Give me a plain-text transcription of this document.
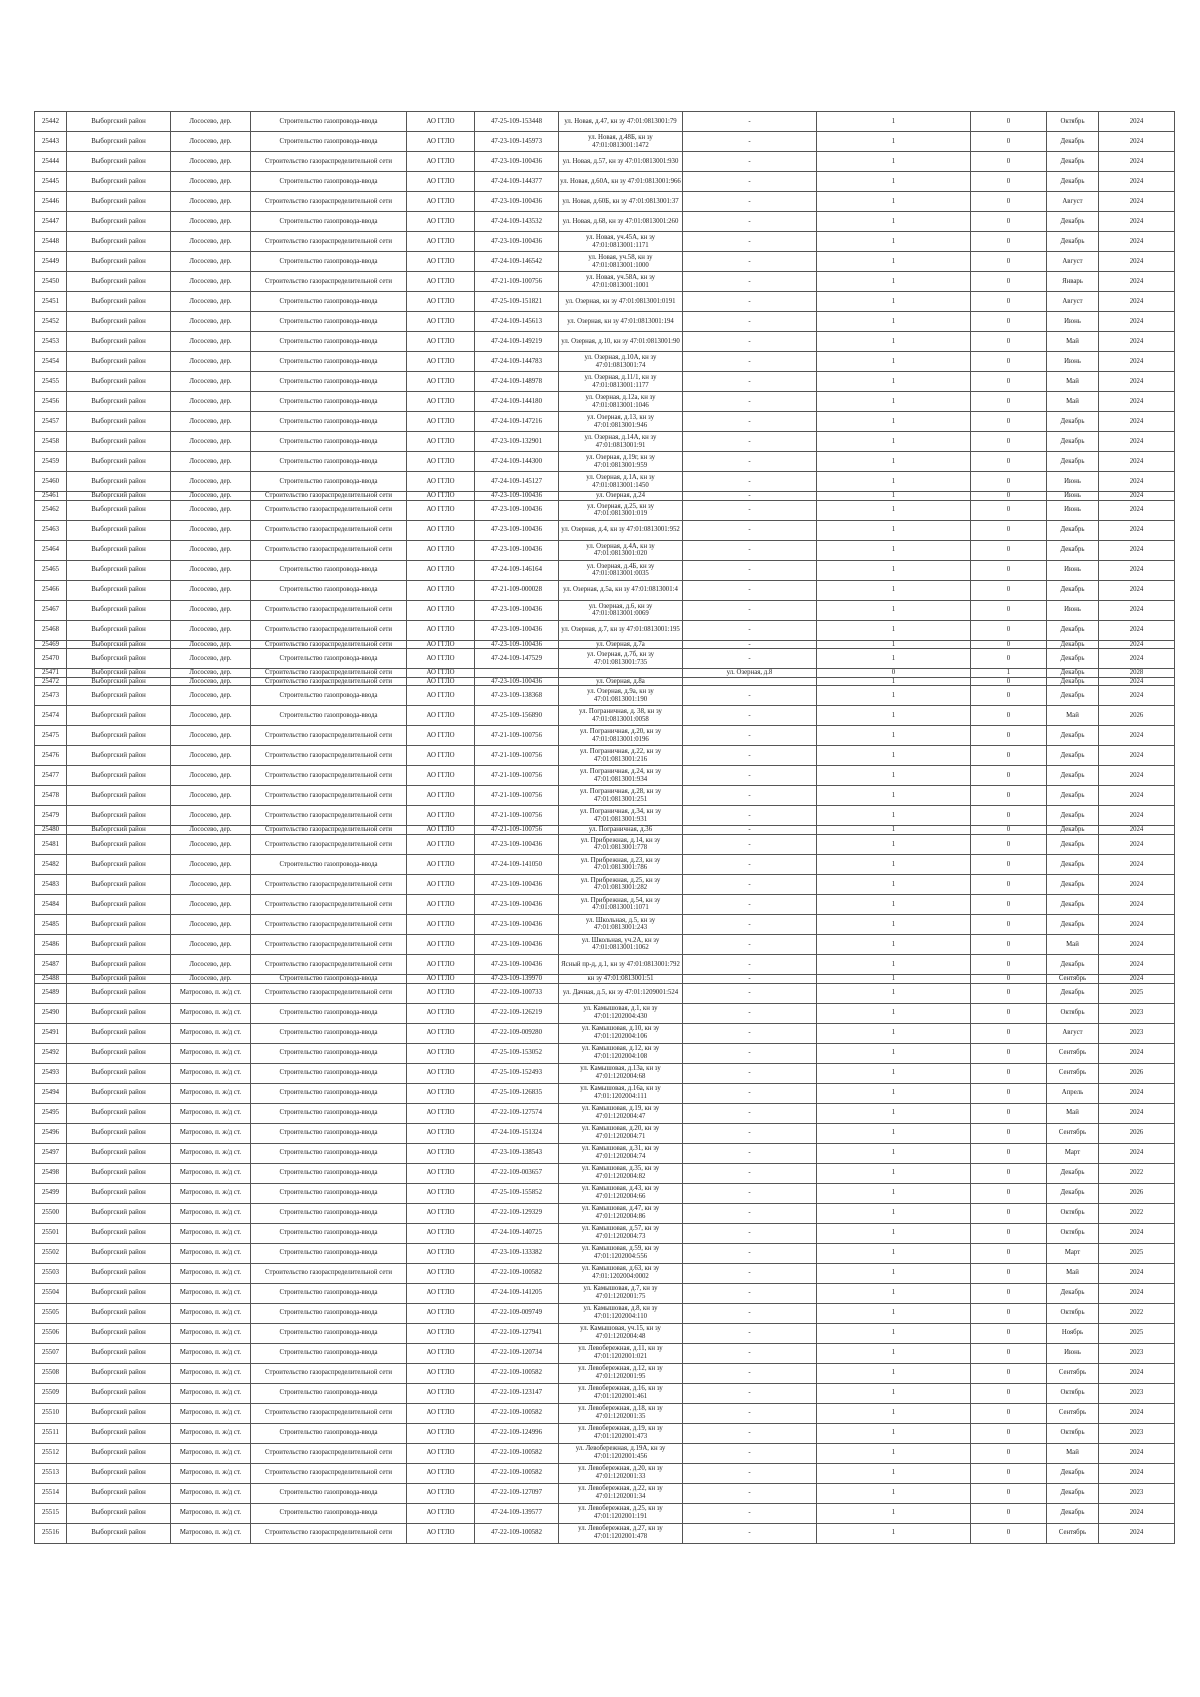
25442	Выборгский район	Лососево, дер.	Строительство газопровода-ввода	АО ГГЛО	47-25-109-153448	ул. Новая, д.47, кн зу 47:01:0813001:79	-	1	0	Октябрь	2024
25443	Выборгский район	Лососево, дер.	Строительство газопровода-ввода	АО ГГЛО	47-23-109-145973	ул. Новая, д.48Б, кн зу 47:01:0813001:1472	-	1	0	Декабрь	2024
25444	Выборгский район	Лососево, дер.	Строительство газораспределительной сети	АО ГГЛО	47-23-109-100436	ул. Новая, д.57, кн зу 47:01:0813001:930	-	1	0	Декабрь	2024
25445	Выборгский район	Лососево, дер.	Строительство газопровода-ввода	АО ГГЛО	47-24-109-144377	ул. Новая, д.60А, кн зу 47:01:0813001:966	-	1	0	Декабрь	2024
25446	Выборгский район	Лососево, дер.	Строительство газораспределительной сети	АО ГГЛО	47-23-109-100436	ул. Новая, д.60Б, кн зу 47:01:0813001:37	-	1	0	Август	2024
25447	Выборгский район	Лососево, дер.	Строительство газопровода-ввода	АО ГГЛО	47-24-109-143532	ул. Новая, д.68, кн зу 47:01:0813001:260	-	1	0	Декабрь	2024
25448	Выборгский район	Лососево, дер.	Строительство газораспределительной сети	АО ГГЛО	47-23-109-100436	ул. Новая, уч.45А, кн зу 47:01:0813001:1171	-	1	0	Декабрь	2024
25449	Выборгский район	Лососево, дер.	Строительство газопровода-ввода	АО ГГЛО	47-24-109-146542	ул. Новая, уч.58, кн зу 47:01:0813001:1000	-	1	0	Август	2024
25450	Выборгский район	Лососево, дер.	Строительство газораспределительной сети	АО ГГЛО	47-21-109-100756	ул. Новая, уч.58А, кн зу 47:01:0813001:1001	-	1	0	Январь	2024
25451	Выборгский район	Лососево, дер.	Строительство газопровода-ввода	АО ГГЛО	47-25-109-151821	ул. Озерная, кн зу 47:01:0813001:0191	-	1	0	Август	2024
25452	Выборгский район	Лососево, дер.	Строительство газопровода-ввода	АО ГГЛО	47-24-109-145613	ул. Озерная, кн зу 47:01:0813001:194	-	1	0	Июнь	2024
25453	Выборгский район	Лососево, дер.	Строительство газопровода-ввода	АО ГГЛО	47-24-109-149219	ул. Озерная, д.10, кн зу 47:01:0813001:90	-	1	0	Май	2024
25454	Выборгский район	Лососево, дер.	Строительство газопровода-ввода	АО ГГЛО	47-24-109-144783	ул. Озерная, д.10А, кн зу 47:01:0813001:74	-	1	0	Июнь	2024
25455	Выборгский район	Лососево, дер.	Строительство газопровода-ввода	АО ГГЛО	47-24-109-148978	ул. Озерная, д.11/1, кн зу 47:01:0813001:1177	-	1	0	Май	2024
25456	Выборгский район	Лососево, дер.	Строительство газопровода-ввода	АО ГГЛО	47-24-109-144180	ул. Озерная, д.12а, кн зу 47:01:0813001:1046	-	1	0	Май	2024
25457	Выборгский район	Лососево, дер.	Строительство газопровода-ввода	АО ГГЛО	47-24-109-147216	ул. Озерная, д.13, кн зу 47:01:0813001:946	-	1	0	Декабрь	2024
25458	Выборгский район	Лососево, дер.	Строительство газопровода-ввода	АО ГГЛО	47-23-109-132901	ул. Озерная, д.14А, кн зу 47:01:0813001:91	-	1	0	Декабрь	2024
25459	Выборгский район	Лососево, дер.	Строительство газопровода-ввода	АО ГГЛО	47-24-109-144300	ул. Озерная, д.19г, кн зу 47:01:0813001:959	-	1	0	Декабрь	2024
25460	Выборгский район	Лососево, дер.	Строительство газопровода-ввода	АО ГГЛО	47-24-109-145127	ул. Озерная, д.1А, кн зу 47:01:0813001:1450	-	1	0	Июнь	2024
25461	Выборгский район	Лососево, дер.	Строительство газораспределительной сети	АО ГГЛО	47-23-109-100436	ул. Озерная, д.24	-	1	0	Июнь	2024
25462	Выборгский район	Лососево, дер.	Строительство газораспределительной сети	АО ГГЛО	47-23-109-100436	ул. Озерная, д.25, кн зу 47:01:0813001:019	-	1	0	Июнь	2024
25463	Выборгский район	Лососево, дер.	Строительство газораспределительной сети	АО ГГЛО	47-23-109-100436	ул. Озерная, д.4, кн зу 47:01:0813001:952	-	1	0	Декабрь	2024
25464	Выборгский район	Лососево, дер.	Строительство газораспределительной сети	АО ГГЛО	47-23-109-100436	ул. Озерная, д.4А, кн зу 47:01:0813001:020	-	1	0	Декабрь	2024
25465	Выборгский район	Лососево, дер.	Строительство газопровода-ввода	АО ГГЛО	47-24-109-146164	ул. Озерная, д.4Б, кн зу 47:01:0813001:0035	-	1	0	Июнь	2024
25466	Выборгский район	Лососево, дер.	Строительство газопровода-ввода	АО ГГЛО	47-21-109-000028	ул. Озерная, д.5а, кн зу 47:01:0813001:4	-	1	0	Декабрь	2024
25467	Выборгский район	Лососево, дер.	Строительство газораспределительной сети	АО ГГЛО	47-23-109-100436	ул. Озерная, д.6, кн зу 47:01:0813001:0069	-	1	0	Июнь	2024
25468	Выборгский район	Лососево, дер.	Строительство газораспределительной сети	АО ГГЛО	47-23-109-100436	ул. Озерная, д.7, кн зу 47:01:0813001:195	-	1	0	Декабрь	2024
25469	Выборгский район	Лососево, дер.	Строительство газораспределительной сети	АО ГГЛО	47-23-109-100436	ул. Озерная, д.7а	-	1	0	Декабрь	2024
25470	Выборгский район	Лососево, дер.	Строительство газопровода-ввода	АО ГГЛО	47-24-109-147529	ул. Озерная, д.7б, кн зу 47:01:0813001:735	-	1	0	Декабрь	2024
25471	Выборгский район	Лососево, дер.	Строительство газораспределительной сети	АО ГГЛО			ул. Озерная, д.8	0	1	Декабрь	2028
25472	Выборгский район	Лососево, дер.	Строительство газораспределительной сети	АО ГГЛО	47-23-109-100436	ул. Озерная, д.8а		1	0	Декабрь	2024
25473	Выборгский район	Лососево, дер.	Строительство газопровода-ввода	АО ГГЛО	47-23-109-138368	ул. Озерная, д.9а, кн зу 47:01:0813001:190	-	1	0	Декабрь	2024
25474	Выборгский район	Лососево, дер.	Строительство газопровода-ввода	АО ГГЛО	47-25-109-156890	ул. Пограничная, д. 38, кн зу 47:01:0813001:0058	-	1	0	Май	2026
25475	Выборгский район	Лососево, дер.	Строительство газораспределительной сети	АО ГГЛО	47-21-109-100756	ул. Пограничная, д.20, кн зу 47:01:0813001:0196	-	1	0	Декабрь	2024
25476	Выборгский район	Лососево, дер.	Строительство газораспределительной сети	АО ГГЛО	47-21-109-100756	ул. Пограничная, д.22, кн зу 47:01:0813001:216	-	1	0	Декабрь	2024
25477	Выборгский район	Лососево, дер.	Строительство газораспределительной сети	АО ГГЛО	47-21-109-100756	ул. Пограничная, д.24, кн зу 47:01:0813001:934	-	1	0	Декабрь	2024
25478	Выборгский район	Лососево, дер.	Строительство газораспределительной сети	АО ГГЛО	47-21-109-100756	ул. Пограничная, д.28, кн зу 47:01:0813001:251	-	1	0	Декабрь	2024
25479	Выборгский район	Лососево, дер.	Строительство газораспределительной сети	АО ГГЛО	47-21-109-100756	ул. Пограничная, д.34, кн зу 47:01:0813001:931	-	1	0	Декабрь	2024
25480	Выборгский район	Лососево, дер.	Строительство газораспределительной сети	АО ГГЛО	47-21-109-100756	ул. Пограничная, д.36	-	1	0	Декабрь	2024
25481	Выборгский район	Лососево, дер.	Строительство газораспределительной сети	АО ГГЛО	47-23-109-100436	ул. Прибрежная, д.14, кн зу 47:01:0813001:778	-	1	0	Декабрь	2024
25482	Выборгский район	Лососево, дер.	Строительство газопровода-ввода	АО ГГЛО	47-24-109-141050	ул. Прибрежная, д.23, кн зу 47:01:0813001:786	-	1	0	Декабрь	2024
25483	Выборгский район	Лососево, дер.	Строительство газораспределительной сети	АО ГГЛО	47-23-109-100436	ул. Прибрежная, д.25, кн зу 47:01:0813001:282	-	1	0	Декабрь	2024
25484	Выборгский район	Лососево, дер.	Строительство газораспределительной сети	АО ГГЛО	47-23-109-100436	ул. Прибрежная, д.54, кн зу 47:01:0813001:1071	-	1	0	Декабрь	2024
25485	Выборгский район	Лососево, дер.	Строительство газораспределительной сети	АО ГГЛО	47-23-109-100436	ул. Школьная, д.5, кн зу 47:01:0813001:243	-	1	0	Декабрь	2024
25486	Выборгский район	Лососево, дер.	Строительство газораспределительной сети	АО ГГЛО	47-23-109-100436	ул. Школьная, уч.2А, кн зу 47:01:0813001:1062	-	1	0	Май	2024
25487	Выборгский район	Лососево, дер.	Строительство газораспределительной сети	АО ГГЛО	47-23-109-100436	Ясный пр-д, д.1, кн зу 47:01:0813001:792	-	1	0	Декабрь	2024
25488	Выборгский район	Лососево, дер.	Строительство газопровода-ввода	АО ГГЛО	47-23-109-139970	кн зу 47:01:0813001:51	-	1	0	Сентябрь	2024
25489	Выборгский район	Матросово, п. ж/д ст.	Строительство газораспределительной сети	АО ГГЛО	47-22-109-100733	ул. Дачная, д.5, кн зу 47:01:1209001:524	-	1	0	Декабрь	2025
25490	Выборгский район	Матросово, п. ж/д ст.	Строительство газопровода-ввода	АО ГГЛО	47-22-109-126219	ул. Камышовая, д.1, кн зу 47:01:1202004:430	-	1	0	Октябрь	2023
25491	Выборгский район	Матросово, п. ж/д ст.	Строительство газопровода-ввода	АО ГГЛО	47-22-109-009280	ул. Камышовая, д.10, кн зу 47:01:1202004:106	-	1	0	Август	2023
25492	Выборгский район	Матросово, п. ж/д ст.	Строительство газопровода-ввода	АО ГГЛО	47-25-109-153052	ул. Камышовая, д.12, кн зу 47:01:1202004:108	-	1	0	Сентябрь	2024
25493	Выборгский район	Матросово, п. ж/д ст.	Строительство газопровода-ввода	АО ГГЛО	47-25-109-152493	ул. Камышовая, д.13а, кн зу 47:01:1202004:68	-	1	0	Сентябрь	2026
25494	Выборгский район	Матросово, п. ж/д ст.	Строительство газопровода-ввода	АО ГГЛО	47-25-109-126835	ул. Камышовая, д.16а, кн зу 47:01:1202004:111	-	1	0	Апрель	2024
25495	Выборгский район	Матросово, п. ж/д ст.	Строительство газопровода-ввода	АО ГГЛО	47-22-109-127574	ул. Камышовая, д.19, кн зу 47:01:1202004:47	-	1	0	Май	2024
25496	Выборгский район	Матросово, п. ж/д ст.	Строительство газопровода-ввода	АО ГГЛО	47-24-109-151324	ул. Камышовая, д.20, кн зу 47:01:1202004:71	-	1	0	Сентябрь	2026
25497	Выборгский район	Матросово, п. ж/д ст.	Строительство газопровода-ввода	АО ГГЛО	47-23-109-138543	ул. Камышовая, д.31, кн зу 47:01:1202004:74	-	1	0	Март	2024
25498	Выборгский район	Матросово, п. ж/д ст.	Строительство газопровода-ввода	АО ГГЛО	47-22-109-003657	ул. Камышовая, д.35, кн зу 47:01:1202004:82	-	1	0	Декабрь	2022
25499	Выборгский район	Матросово, п. ж/д ст.	Строительство газопровода-ввода	АО ГГЛО	47-25-109-155852	ул. Камышовая, д.43, кн зу 47:01:1202004:66	-	1	0	Декабрь	2026
25500	Выборгский район	Матросово, п. ж/д ст.	Строительство газопровода-ввода	АО ГГЛО	47-22-109-129329	ул. Камышовая, д.47, кн зу 47:01:1202004:86	-	1	0	Октябрь	2022
25501	Выборгский район	Матросово, п. ж/д ст.	Строительство газопровода-ввода	АО ГГЛО	47-24-109-140725	ул. Камышовая, д.57, кн зу 47:01:1202004:73	-	1	0	Октябрь	2024
25502	Выборгский район	Матросово, п. ж/д ст.	Строительство газопровода-ввода	АО ГГЛО	47-23-109-133382	ул. Камышовая, д.59, кн зу 47:01:1202004:556	-	1	0	Март	2025
25503	Выборгский район	Матросово, п. ж/д ст.	Строительство газораспределительной сети	АО ГГЛО	47-22-109-100582	ул. Камышовая, д.63, кн зу 47:01:1202004:0002	-	1	0	Май	2024
25504	Выборгский район	Матросово, п. ж/д ст.	Строительство газопровода-ввода	АО ГГЛО	47-24-109-141205	ул. Камышовая, д.7, кн зу 47:01:1202001:75	-	1	0	Декабрь	2024
25505	Выборгский район	Матросово, п. ж/д ст.	Строительство газопровода-ввода	АО ГГЛО	47-22-109-009749	ул. Камышовая, д.8, кн зу 47:01:1202004:110	-	1	0	Октябрь	2022
25506	Выборгский район	Матросово, п. ж/д ст.	Строительство газопровода-ввода	АО ГГЛО	47-22-109-127941	ул. Камышовая, уч.15, кн зу 47:01:1202004:48	-	1	0	Ноябрь	2025
25507	Выборгский район	Матросово, п. ж/д ст.	Строительство газопровода-ввода	АО ГГЛО	47-22-109-120734	ул. Левобережная, д.11, кн зу 47:01:1202001:021	-	1	0	Июнь	2023
25508	Выборгский район	Матросово, п. ж/д ст.	Строительство газораспределительной сети	АО ГГЛО	47-22-109-100582	ул. Левобережная, д.12, кн зу 47:01:1202001:95	-	1	0	Сентябрь	2024
25509	Выборгский район	Матросово, п. ж/д ст.	Строительство газопровода-ввода	АО ГГЛО	47-22-109-123147	ул. Левобережная, д.16, кн зу 47:01:1202001:461	-	1	0	Октябрь	2023
25510	Выборгский район	Матросово, п. ж/д ст.	Строительство газораспределительной сети	АО ГГЛО	47-22-109-100582	ул. Левобережная, д.18, кн зу 47:01:1202001:35	-	1	0	Сентябрь	2024
25511	Выборгский район	Матросово, п. ж/д ст.	Строительство газопровода-ввода	АО ГГЛО	47-22-109-124996	ул. Левобережная, д.19, кн зу 47:01:1202001:473	-	1	0	Октябрь	2023
25512	Выборгский район	Матросово, п. ж/д ст.	Строительство газораспределительной сети	АО ГГЛО	47-22-109-100582	ул. Левобережная, д.19А, кн зу 47:01:1202001:456	-	1	0	Май	2024
25513	Выборгский район	Матросово, п. ж/д ст.	Строительство газораспределительной сети	АО ГГЛО	47-22-109-100582	ул. Левобережная, д.20, кн зу 47:01:1202001:33	-	1	0	Декабрь	2024
25514	Выборгский район	Матросово, п. ж/д ст.	Строительство газопровода-ввода	АО ГГЛО	47-22-109-127097	ул. Левобережная, д.22, кн зу 47:01:1202001:34	-	1	0	Декабрь	2023
25515	Выборгский район	Матросово, п. ж/д ст.	Строительство газопровода-ввода	АО ГГЛО	47-24-109-139577	ул. Левобережная, д.25, кн зу 47:01:1202001:191	-	1	0	Декабрь	2024
25516	Выборгский район	Матросово, п. ж/д ст.	Строительство газораспределительной сети	АО ГГЛО	47-22-109-100582	ул. Левобережная, д.27, кн зу 47:01:1202001:478	-	1	0	Сентябрь	2024
